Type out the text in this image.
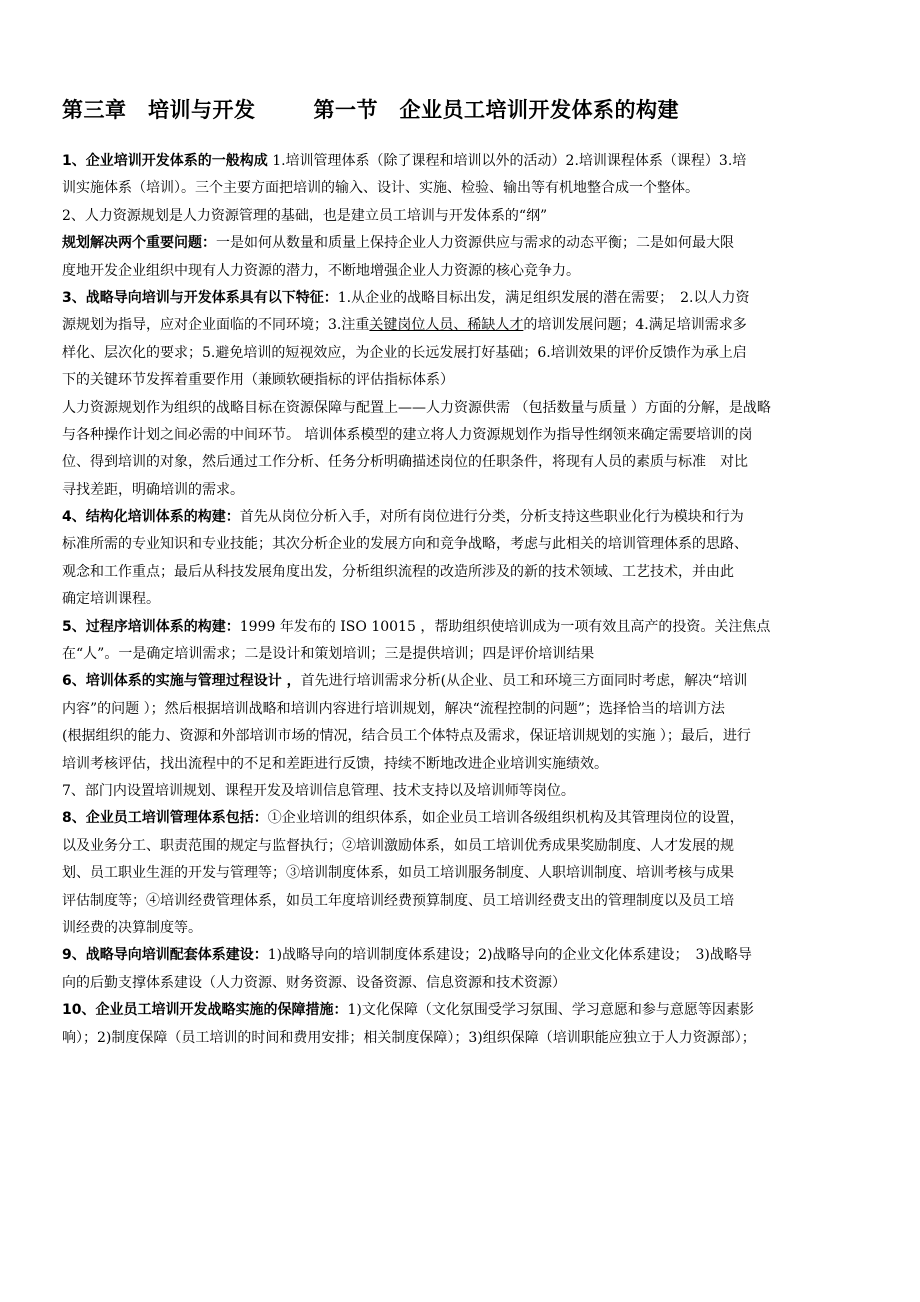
第三章　培训与开发	第一节　企业员工培训开发体系的构建
1、企业培训开发体系的一般构成 1.培训管理体系（除了课程和培训以外的活动）2.培训课程体系（课程）3.培
训实施体系（培训）。三个主要方面把培训的输入、设计、实施、检验、输出等有机地整合成一个整体。
2、人力资源规划是人力资源管理的基础，也是建立员工培训与开发体系的“纲”
规划解决两个重要问题：一是如何从数量和质量上保持企业人力资源供应与需求的动态平衡；二是如何最大限
度地开发企业组织中现有人力资源的潜力，不断地增强企业人力资源的核心竞争力。
3、战略导向培训与开发体系具有以下特征：1.从企业的战略目标出发，满足组织发展的潜在需要；　2.以人力资
源规划为指导，应对企业面临的不同环境；3.注重关键岗位人员、稀缺人才的培训发展问题；4.满足培训需求多
样化、层次化的要求；5.避免培训的短视效应，为企业的长远发展打好基础；6.培训效果的评价反馈作为承上启
下的关键环节发挥着重要作用（兼顾软硬指标的评估指标体系）
人力资源规划作为组织的战略目标在资源保障与配置上——人力资源供需 （包括数量与质量 ）方面的分解，是战略
与各种操作计划之间必需的中间环节。 培训体系模型的建立将人力资源规划作为指导性纲领来确定需要培训的岗
位、得到培训的对象，然后通过工作分析、任务分析明确描述岗位的任职条件，将现有人员的素质与标准　对比
寻找差距，明确培训的需求。
4、结构化培训体系的构建：首先从岗位分析入手，对所有岗位进行分类，分析支持这些职业化行为模块和行为
标准所需的专业知识和专业技能；其次分析企业的发展方向和竞争战略，考虑与此相关的培训管理体系的思路、
观念和工作重点；最后从科技发展角度出发，分析组织流程的改造所涉及的新的技术领域、工艺技术，并由此
确定培训课程。
5、过程序培训体系的构建：1999 年发布的 ISO 10015 ，帮助组织使培训成为一项有效且高产的投资。关注焦点
在“人”。一是确定培训需求；二是设计和策划培训；三是提供培训；四是评价培训结果
6、培训体系的实施与管理过程设计 ，首先进行培训需求分析(从企业、员工和环境三方面同时考虑，解决“培训
内容”的问题 ）；然后根据培训战略和培训内容进行培训规划，解决“流程控制的问题”；选择恰当的培训方法
(根据组织的能力、资源和外部培训市场的情况，结合员工个体特点及需求，保证培训规划的实施 ）；最后，进行
培训考核评估，找出流程中的不足和差距进行反馈，持续不断地改进企业培训实施绩效。
7、部门内设置培训规划、课程开发及培训信息管理、技术支持以及培训师等岗位。
8、企业员工培训管理体系包括：①企业培训的组织体系，如企业员工培训各级组织机构及其管理岗位的设置，
以及业务分工、职责范围的规定与监督执行；②培训激励体系，如员工培训优秀成果奖励制度、人才发展的规
划、员工职业生涯的开发与管理等；③培训制度体系，如员工培训服务制度、人职培训制度、培训考核与成果
评估制度等；④培训经费管理体系，如员工年度培训经费预算制度、员工培训经费支出的管理制度以及员工培
训经费的决算制度等。
9、战略导向培训配套体系建设：1)战略导向的培训制度体系建设；2)战略导向的企业文化体系建设；　3)战略导
向的后勤支撑体系建设（人力资源、财务资源、设备资源、信息资源和技术资源）
10、企业员工培训开发战略实施的保障措施：1)文化保障（文化氛围受学习氛围、学习意愿和参与意愿等因素影
响）；2)制度保障（员工培训的时间和费用安排；相关制度保障）；3)组织保障（培训职能应独立于人力资源部）；
